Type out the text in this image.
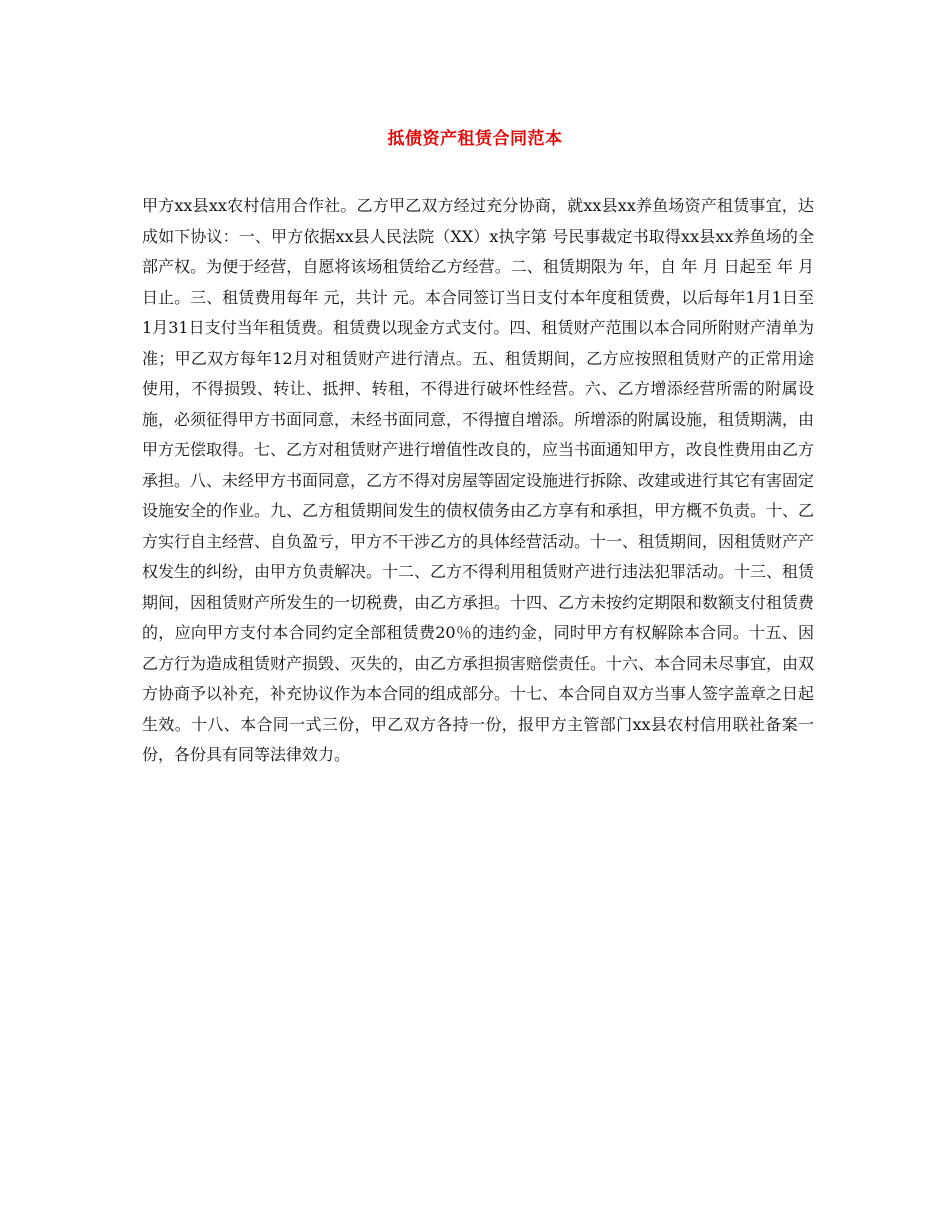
抵债资产租赁合同范本

甲方xx县xx农村信用合作社。乙方甲乙双方经过充分协商，就xx县xx养鱼场资产租赁事宜，达成如下协议：一、甲方依据xx县人民法院（XX）x执字第 号民事裁定书取得xx县xx养鱼场的全部产权。为便于经营，自愿将该场租赁给乙方经营。二、租赁期限为 年，自 年 月 日起至 年 月 日止。三、租赁费用每年 元，共计 元。本合同签订当日支付本年度租赁费，以后每年1月1日至1月31日支付当年租赁费。租赁费以现金方式支付。四、租赁财产范围以本合同所附财产清单为准；甲乙双方每年12月对租赁财产进行清点。五、租赁期间，乙方应按照租赁财产的正常用途使用，不得损毁、转让、抵押、转租，不得进行破坏性经营。六、乙方增添经营所需的附属设施，必须征得甲方书面同意，未经书面同意，不得擅自增添。所增添的附属设施，租赁期满，由甲方无偿取得。七、乙方对租赁财产进行增值性改良的，应当书面通知甲方，改良性费用由乙方承担。八、未经甲方书面同意，乙方不得对房屋等固定设施进行拆除、改建或进行其它有害固定设施安全的作业。九、乙方租赁期间发生的债权债务由乙方享有和承担，甲方概不负责。十、乙方实行自主经营、自负盈亏，甲方不干涉乙方的具体经营活动。十一、租赁期间，因租赁财产产权发生的纠纷，由甲方负责解决。十二、乙方不得利用租赁财产进行违法犯罪活动。十三、租赁期间，因租赁财产所发生的一切税费，由乙方承担。十四、乙方未按约定期限和数额支付租赁费的，应向甲方支付本合同约定全部租赁费20％的违约金，同时甲方有权解除本合同。十五、因乙方行为造成租赁财产损毁、灭失的，由乙方承担损害赔偿责任。十六、本合同未尽事宜，由双方协商予以补充，补充协议作为本合同的组成部分。十七、本合同自双方当事人签字盖章之日起生效。十八、本合同一式三份，甲乙双方各持一份，报甲方主管部门xx县农村信用联社备案一份，各份具有同等法律效力。
